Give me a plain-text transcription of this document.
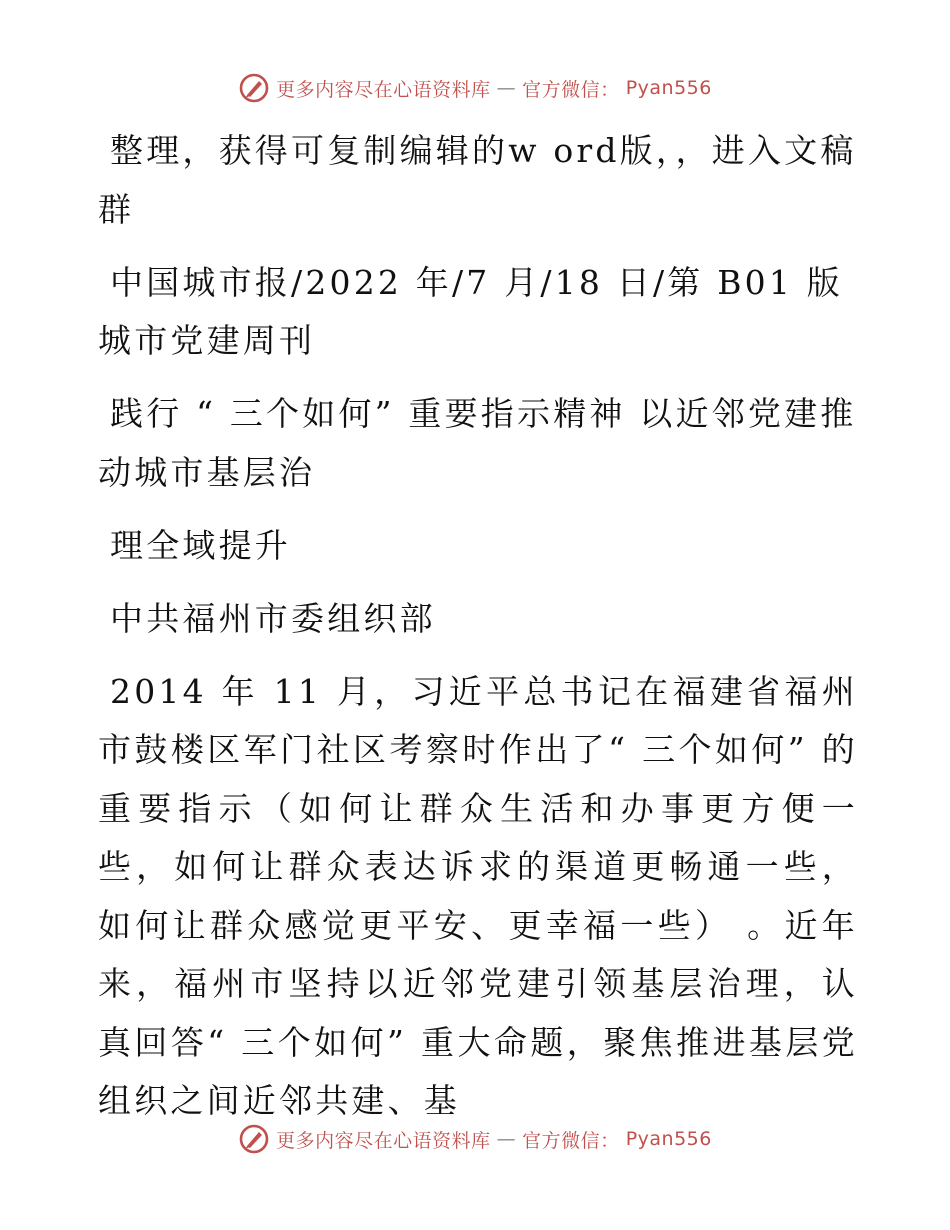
更多内容尽在心语资料库 — 官方微信： Pyan556

整理，获得可复制编辑的w ord版，，进入文稿群

中国城市报/2022 年/7 月/18 日/第 B01 版城市党建周刊

践行 “ 三个如何” 重要指示精神 以近邻党建推动城市基层治

理全域提升

中共福州市委组织部

2014 年 11 月，习近平总书记在福建省福州市鼓楼区军门社区考察时作出了“ 三个如何” 的重要指示（如何让群众生活和办事更方便一些，如何让群众表达诉求的渠道更畅通一些，如何让群众感觉更平安、更幸福一些） 。近年来，福州市坚持以近邻党建引领基层治理，认真回答“ 三个如何” 重大命题，聚焦推进基层党组织之间近邻共建、基

更多内容尽在心语资料库 — 官方微信： Pyan556
